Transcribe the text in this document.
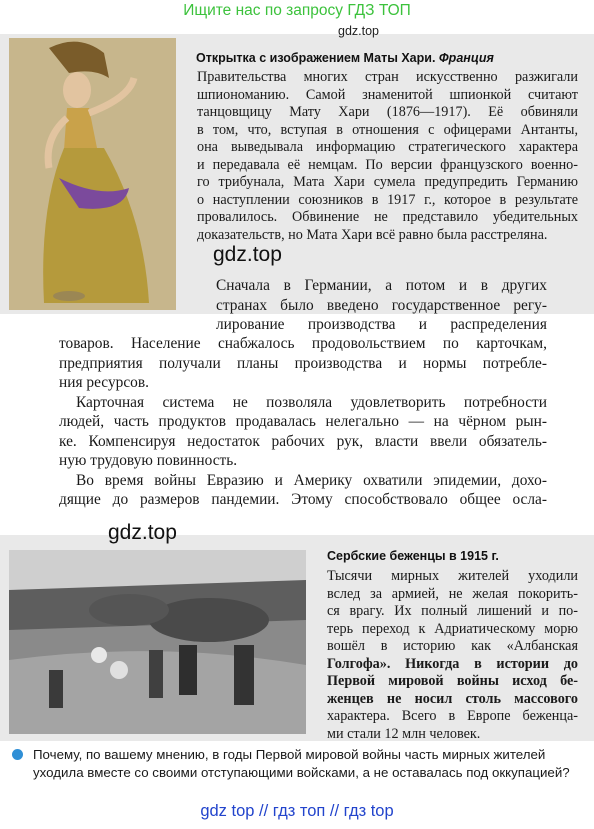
Ищите нас по запросу ГДЗ ТОП
gdz.top
Открытка с изображением Маты Хари. Франция
Правительства многих стран искусственно разжигали
шпиономанию. Самой знаменитой шпионкой считают
танцовщицу Мату Хари (1876—1917). Её обвиняли
в том, что, вступая в отношения с офицерами Антанты,
она выведывала информацию стратегического характера
и передавала её немцам. По версии французского военно-
го трибунала, Мата Хари сумела предупредить Германию
о наступлении союзников в 1917 г., которое в результате
провалилось. Обвинение не представило убедительных
доказательств, но Мата Хари всё равно была расстреляна.
gdz.top
Сначала в Германии, а потом и в других
странах было введено государственное регу-
лирование производства и распределения
товаров. Население снабжалось продовольствием по карточкам,
предприятия получали планы производства и нормы потребле-
ния ресурсов.
Карточная система не позволяла удовлетворить потребности
людей, часть продуктов продавалась нелегально — на чёрном рын-
ке. Компенсируя недостаток рабочих рук, власти ввели обязатель-
ную трудовую повинность.
Во время войны Евразию и Америку охватили эпидемии, дохо-
дящие до размеров пандемии. Этому способствовало общее осла-
gdz.top
Сербские беженцы в 1915 г.
Тысячи мирных жителей уходили
вслед за армией, не желая покорить-
ся врагу. Их полный лишений и по-
терь переход к Адриатическому морю
вошёл в историю как «Албанская
Голгофа». Никогда в истории до
Первой мировой войны исход бе-
женцев не носил столь массового
характера. Всего в Европе беженца-
ми стали 12 млн человек.
Почему, по вашему мнению, в годы Первой мировой войны часть мирных жителей
уходила вместе со своими отступающими войсками, а не оставалась под оккупацией?
gdz top // гдз топ // гдз top
